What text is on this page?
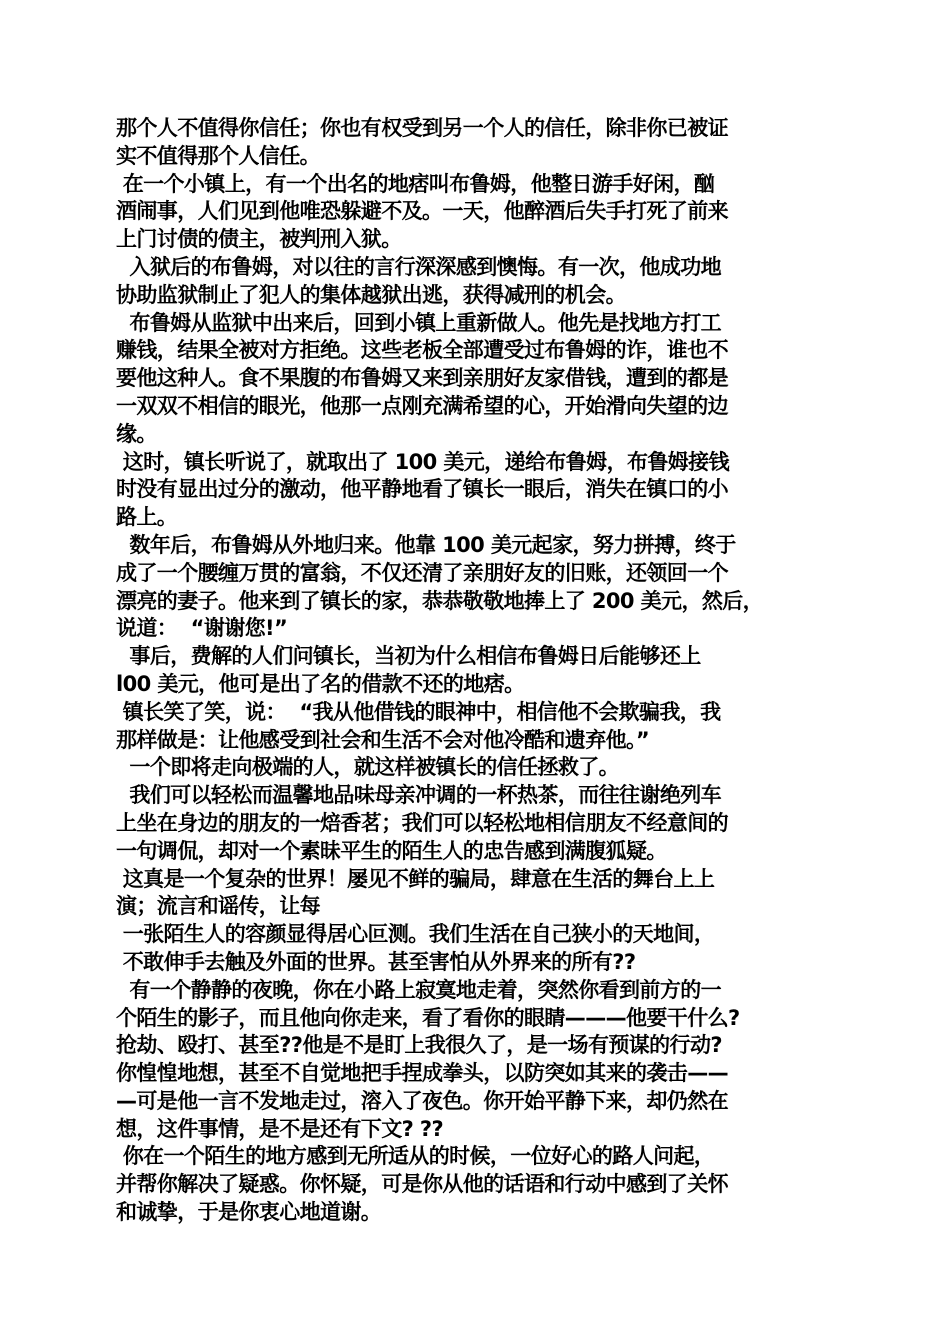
那个人不值得你信任；你也有权受到另一个人的信任，除非你已被证
实不值得那个人信任。
在一个小镇上，有一个出名的地痞叫布鲁姆，他整日游手好闲，酗
酒闹事，人们见到他唯恐躲避不及。一天，他醉酒后失手打死了前来
上门讨债的债主，被判刑入狱。
入狱后的布鲁姆，对以往的言行深深感到懊悔。有一次，他成功地
协助监狱制止了犯人的集体越狱出逃，获得减刑的机会。
布鲁姆从监狱中出来后，回到小镇上重新做人。他先是找地方打工
赚钱，结果全被对方拒绝。这些老板全部遭受过布鲁姆的诈，谁也不
要他这种人。食不果腹的布鲁姆又来到亲朋好友家借钱，遭到的都是
一双双不相信的眼光，他那一点刚充满希望的心，开始滑向失望的边
缘。
这时，镇长听说了，就取出了 100 美元，递给布鲁姆，布鲁姆接钱
时没有显出过分的激动，他平静地看了镇长一眼后，消失在镇口的小
路上。
数年后，布鲁姆从外地归来。他靠 100 美元起家，努力拼搏，终于
成了一个腰缠万贯的富翁，不仅还清了亲朋好友的旧账，还领回一个
漂亮的妻子。他来到了镇长的家，恭恭敬敬地捧上了 200 美元，然后，
说道：  “谢谢您!”
事后，费解的人们问镇长，当初为什么相信布鲁姆日后能够还上
l00 美元，他可是出了名的借款不还的地痞。
镇长笑了笑，说：  “我从他借钱的眼神中，相信他不会欺骗我，我
那样做是：让他感受到社会和生活不会对他冷酷和遗弃他。”
一个即将走向极端的人，就这样被镇长的信任拯救了。
我们可以轻松而温馨地品味母亲冲调的一杯热茶，而往往谢绝列车
上坐在身边的朋友的一焙香茗；我们可以轻松地相信朋友不经意间的
一句调侃，却对一个素昧平生的陌生人的忠告感到满腹狐疑。
这真是一个复杂的世界！屡见不鲜的骗局，肆意在生活的舞台上上
演；流言和谣传，让每
一张陌生人的容颜显得居心叵测。我们生活在自己狭小的天地间，
不敢伸手去触及外面的世界。甚至害怕从外界来的所有??
有一个静静的夜晚，你在小路上寂寞地走着，突然你看到前方的一
个陌生的影子，而且他向你走来，看了看你的眼睛———他要干什么?
抢劫、殴打、甚至??他是不是盯上我很久了，是一场有预谋的行动?
你惶惶地想，甚至不自觉地把手捏成拳头，以防突如其来的袭击——
—可是他一言不发地走过，溶入了夜色。你开始平静下来，却仍然在
想，这件事情，是不是还有下文? ??
你在一个陌生的地方感到无所适从的时候，一位好心的路人问起，
并帮你解决了疑惑。你怀疑，可是你从他的话语和行动中感到了关怀
和诚挚，于是你衷心地道谢。
